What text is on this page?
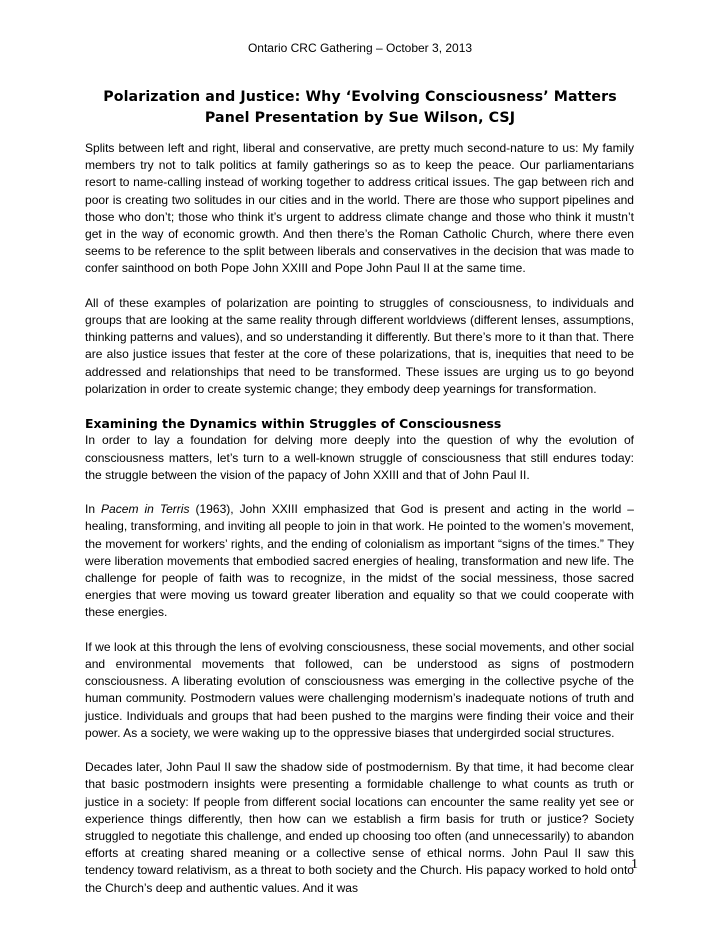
Ontario CRC Gathering – October 3, 2013
Polarization and Justice: Why ‘Evolving Consciousness’ Matters
Panel Presentation by Sue Wilson, CSJ

Splits between left and right, liberal and conservative, are pretty much second-nature to us: My family members try not to talk politics at family gatherings so as to keep the peace. Our parliamentarians resort to name-calling instead of working together to address critical issues. The gap between rich and poor is creating two solitudes in our cities and in the world. There are those who support pipelines and those who don’t; those who think it’s urgent to address climate change and those who think it mustn’t get in the way of economic growth. And then there’s the Roman Catholic Church, where there even seems to be reference to the split between liberals and conservatives in the decision that was made to confer sainthood on both Pope John XXIII and Pope John Paul II at the same time.

All of these examples of polarization are pointing to struggles of consciousness, to individuals and groups that are looking at the same reality through different worldviews (different lenses, assumptions, thinking patterns and values), and so understanding it differently. But there’s more to it than that. There are also justice issues that fester at the core of these polarizations, that is, inequities that need to be addressed and relationships that need to be transformed. These issues are urging us to go beyond polarization in order to create systemic change; they embody deep yearnings for transformation.

Examining the Dynamics within Struggles of Consciousness

In order to lay a foundation for delving more deeply into the question of why the evolution of consciousness matters, let’s turn to a well-known struggle of consciousness that still endures today: the struggle between the vision of the papacy of John XXIII and that of John Paul II.

In Pacem in Terris (1963), John XXIII emphasized that God is present and acting in the world – healing, transforming, and inviting all people to join in that work. He pointed to the women’s movement, the movement for workers’ rights, and the ending of colonialism as important “signs of the times.” They were liberation movements that embodied sacred energies of healing, transformation and new life. The challenge for people of faith was to recognize, in the midst of the social messiness, those sacred energies that were moving us toward greater liberation and equality so that we could cooperate with these energies.

If we look at this through the lens of evolving consciousness, these social movements, and other social and environmental movements that followed, can be understood as signs of postmodern consciousness. A liberating evolution of consciousness was emerging in the collective psyche of the human community. Postmodern values were challenging modernism’s inadequate notions of truth and justice. Individuals and groups that had been pushed to the margins were finding their voice and their power. As a society, we were waking up to the oppressive biases that undergirded social structures.

Decades later, John Paul II saw the shadow side of postmodernism. By that time, it had become clear that basic postmodern insights were presenting a formidable challenge to what counts as truth or justice in a society: If people from different social locations can encounter the same reality yet see or experience things differently, then how can we establish a firm basis for truth or justice? Society struggled to negotiate this challenge, and ended up choosing too often (and unnecessarily) to abandon efforts at creating shared meaning or a collective sense of ethical norms. John Paul II saw this tendency toward relativism, as a threat to both society and the Church. His papacy worked to hold onto the Church’s deep and authentic values. And it was

1
